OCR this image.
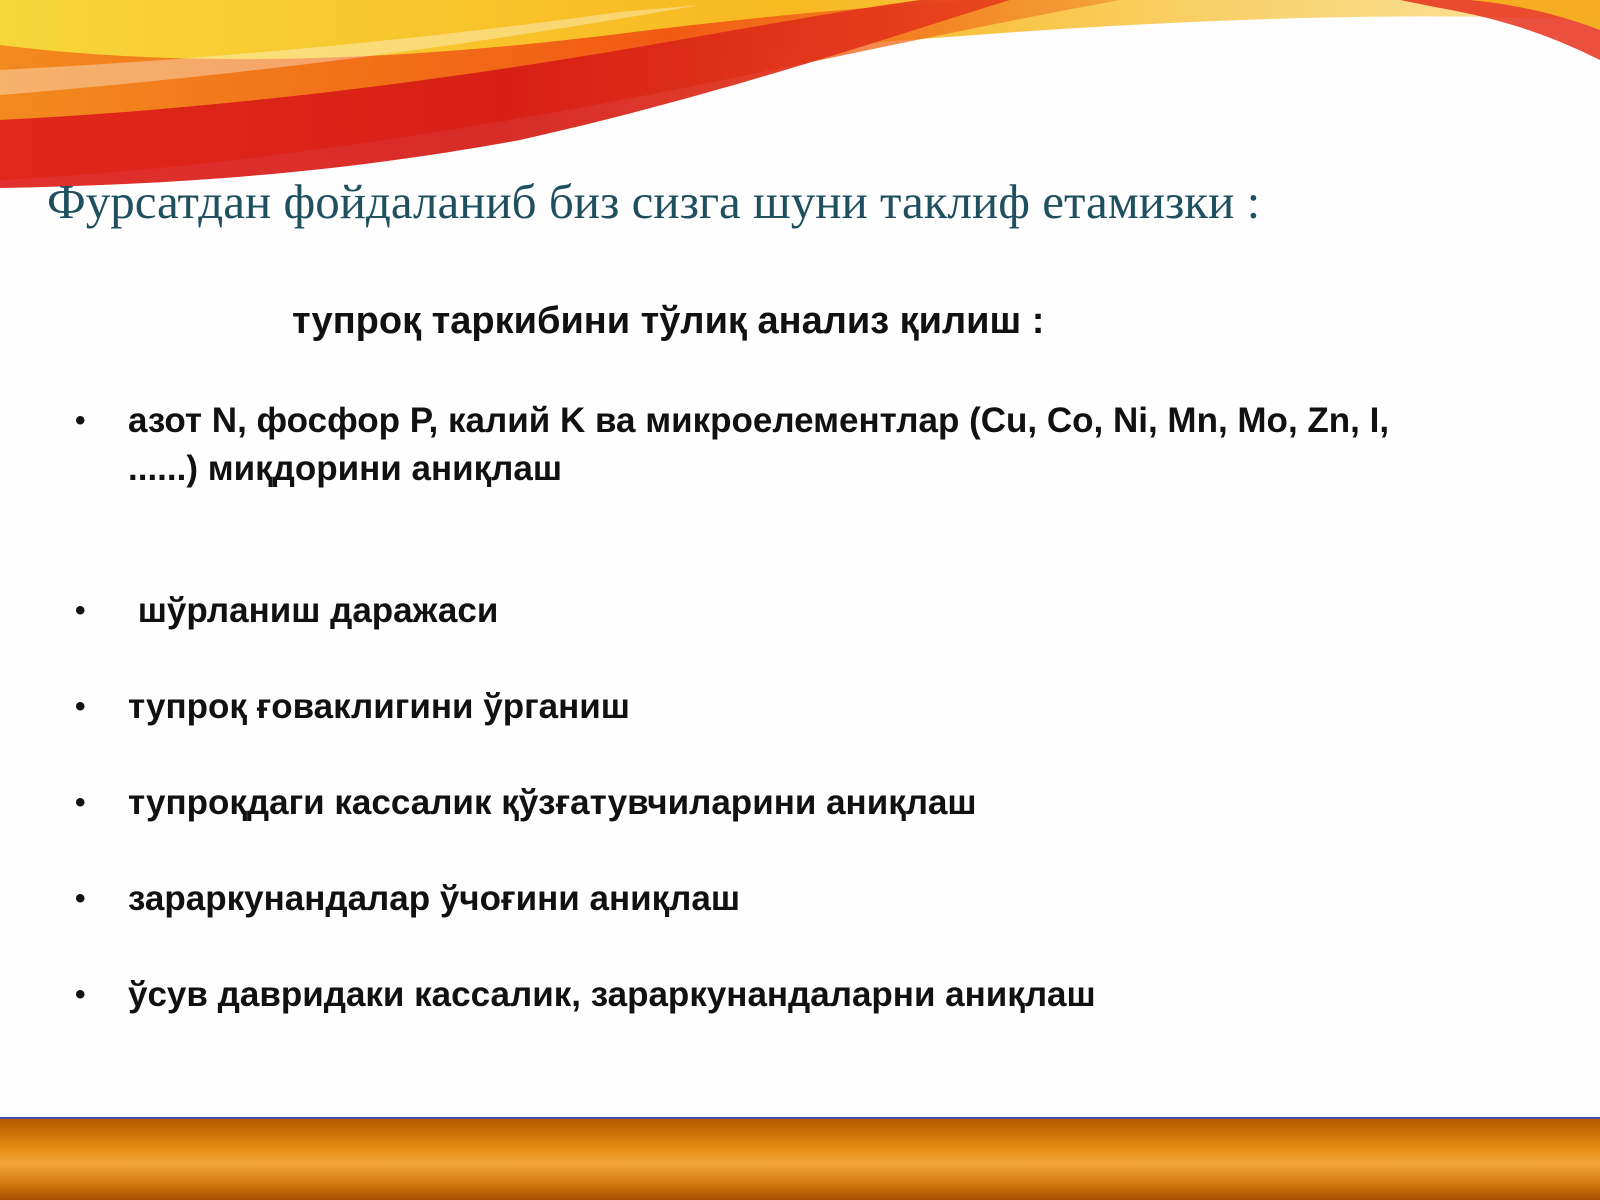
Фурсатдан фойдаланиб биз сизга шуни таклиф етамизки :
тупроқ таркибини тўлиқ анализ қилиш :
• азот N, фосфор P, калий K ва микроелементлар (Cu, Co, Ni, Mn, Mo, Zn, I, ......) миқдорини аниқлаш
• шўрланиш даражаси
• тупроқ ғоваклигини ўрганиш
• тупроқдаги кассалик қўзғатувчиларини аниқлаш
• зараркунандалар ўчоғини аниқлаш
• ўсув давридаки кассалик, зараркунандаларни аниқлаш
